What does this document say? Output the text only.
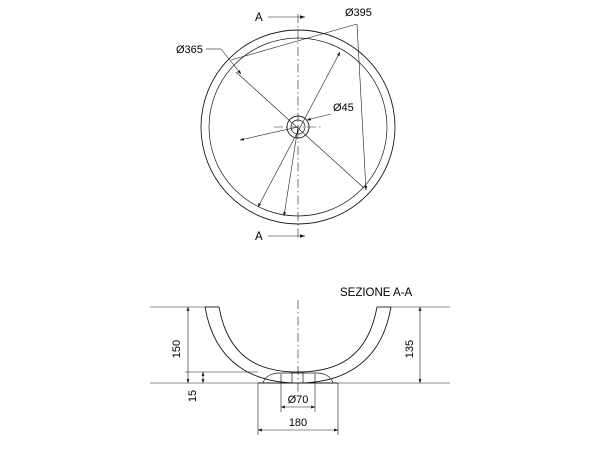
A
A
Ø395
Ø365
Ø45
SEZIONE A-A
150	135
15	Ø70
180
